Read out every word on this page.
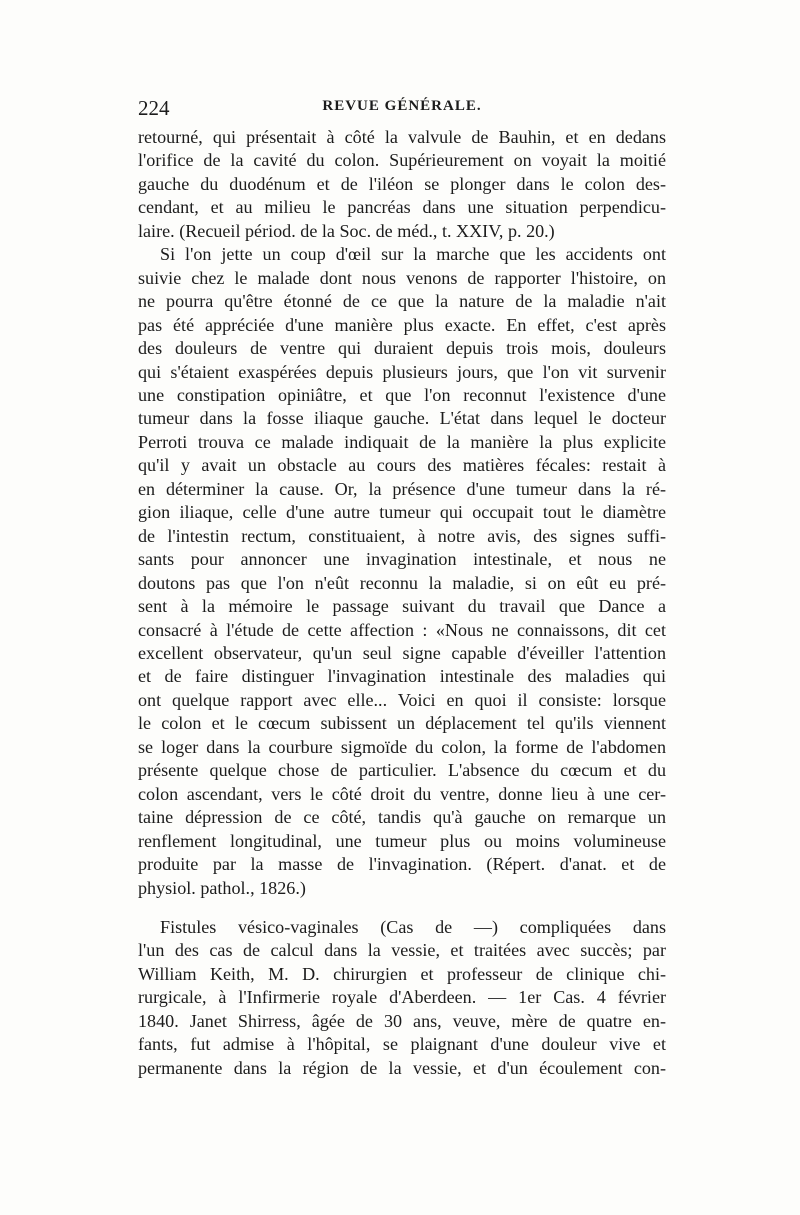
224	REVUE GÉNÉRALE.
retourné, qui présentait à côté la valvule de Bauhin, et en dedans
l'orifice de la cavité du colon. Supérieurement on voyait la moitié
gauche du duodénum et de l'iléon se plonger dans le colon des-
cendant, et au milieu le pancréas dans une situation perpendicu-
laire. (Recueil périod. de la Soc. de méd., t. XXIV, p. 20.)
Si l'on jette un coup d'œil sur la marche que les accidents ont
suivie chez le malade dont nous venons de rapporter l'histoire, on
ne pourra qu'être étonné de ce que la nature de la maladie n'ait
pas été appréciée d'une manière plus exacte. En effet, c'est après
des douleurs de ventre qui duraient depuis trois mois, douleurs
qui s'étaient exaspérées depuis plusieurs jours, que l'on vit survenir
une constipation opiniâtre, et que l'on reconnut l'existence d'une
tumeur dans la fosse iliaque gauche. L'état dans lequel le docteur
Perroti trouva ce malade indiquait de la manière la plus explicite
qu'il y avait un obstacle au cours des matières fécales: restait à
en déterminer la cause. Or, la présence d'une tumeur dans la ré-
gion iliaque, celle d'une autre tumeur qui occupait tout le diamètre
de l'intestin rectum, constituaient, à notre avis, des signes suffi-
sants pour annoncer une invagination intestinale, et nous ne
doutons pas que l'on n'eût reconnu la maladie, si on eût eu pré-
sent à la mémoire le passage suivant du travail que Dance a
consacré à l'étude de cette affection : «Nous ne connaissons, dit cet
excellent observateur, qu'un seul signe capable d'éveiller l'attention
et de faire distinguer l'invagination intestinale des maladies qui
ont quelque rapport avec elle... Voici en quoi il consiste: lorsque
le colon et le cœcum subissent un déplacement tel qu'ils viennent
se loger dans la courbure sigmoïde du colon, la forme de l'abdomen
présente quelque chose de particulier. L'absence du cœcum et du
colon ascendant, vers le côté droit du ventre, donne lieu à une cer-
taine dépression de ce côté, tandis qu'à gauche on remarque un
renflement longitudinal, une tumeur plus ou moins volumineuse
produite par la masse de l'invagination. (Répert. d'anat. et de
physiol. pathol., 1826.)
Fistules vésico-vaginales (Cas de —) compliquées dans
l'un des cas de calcul dans la vessie, et traitées avec succès; par
William Keith, M. D. chirurgien et professeur de clinique chi-
rurgicale, à l'Infirmerie royale d'Aberdeen. — 1er Cas. 4 février
1840. Janet Shirress, âgée de 30 ans, veuve, mère de quatre en-
fants, fut admise à l'hôpital, se plaignant d'une douleur vive et
permanente dans la région de la vessie, et d'un écoulement con-
